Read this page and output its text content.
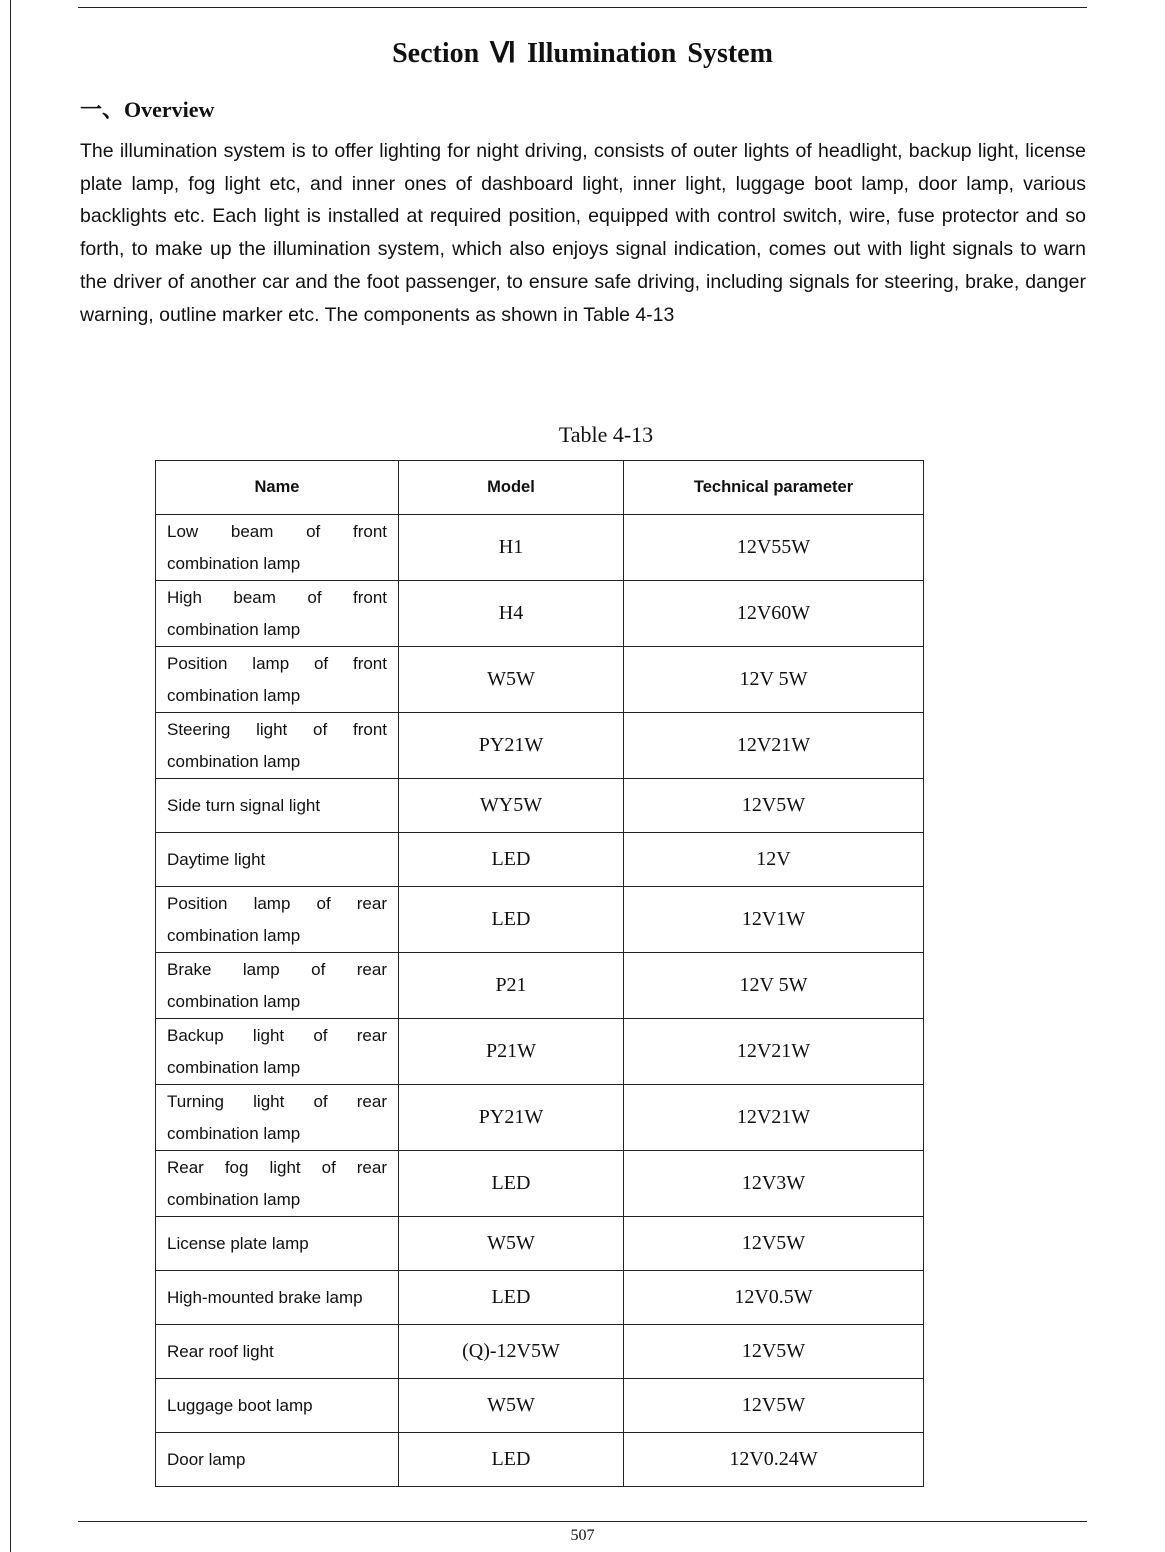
Section Ⅵ Illumination System
一、Overview

The illumination system is to offer lighting for night driving, consists of outer lights of headlight, backup light, license plate lamp, fog light etc, and inner ones of dashboard light, inner light, luggage boot lamp, door lamp, various backlights etc. Each light is installed at required position, equipped with control switch, wire, fuse protector and so forth, to make up the illumination system, which also enjoys signal indication, comes out with light signals to warn the driver of another car and the foot passenger, to ensure safe driving, including signals for steering, brake, danger warning, outline marker etc. The components as shown in Table 4-13

Table 4-13
Name	Model	Technical parameter
Low beam of front combination lamp	H1	12V55W
High beam of front combination lamp	H4	12V60W
Position lamp of front combination lamp	W5W	12V 5W
Steering light of front combination lamp	PY21W	12V21W
Side turn signal light	WY5W	12V5W
Daytime light	LED	12V
Position lamp of rear combination lamp	LED	12V1W
Brake lamp of rear combination lamp	P21	12V 5W
Backup light of rear combination lamp	P21W	12V21W
Turning light of rear combination lamp	PY21W	12V21W
Rear fog light of rear combination lamp	LED	12V3W
License plate lamp	W5W	12V5W
High-mounted brake lamp	LED	12V0.5W
Rear roof light	(Q)-12V5W	12V5W
Luggage boot lamp	W5W	12V5W
Door lamp	LED	12V0.24W
507
